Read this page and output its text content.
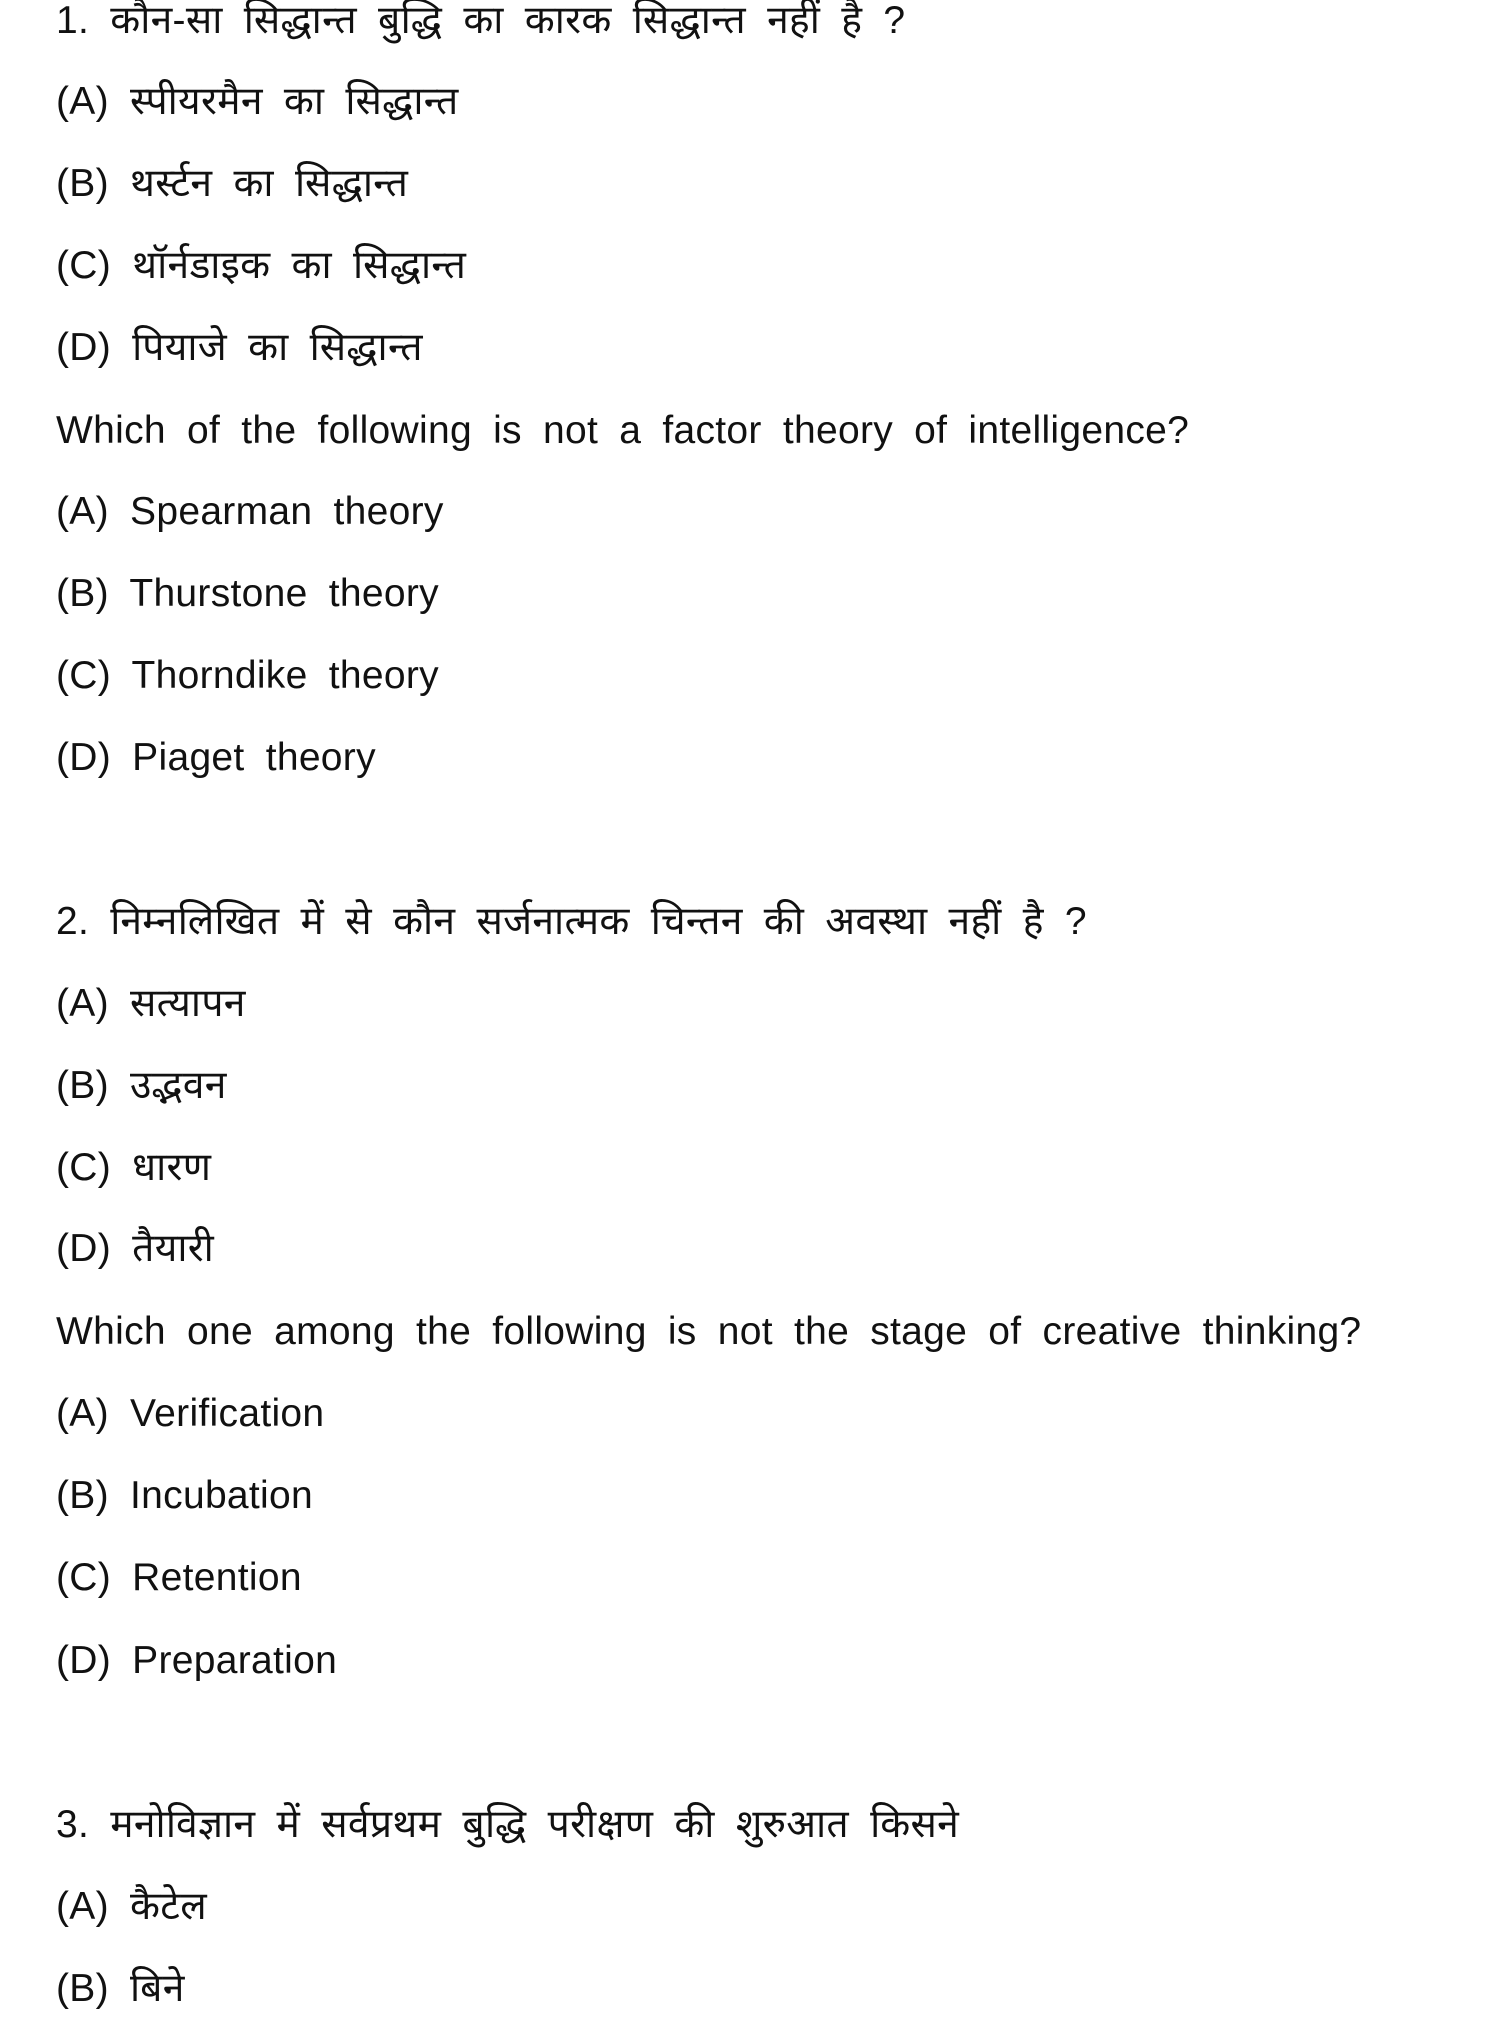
1. कौन-सा सिद्धान्त बुद्धि का कारक सिद्धान्त नहीं है ?
(A) स्पीयरमैन का सिद्धान्त
(B) थर्स्टन का सिद्धान्त
(C) थॉर्नडाइक का सिद्धान्त
(D) पियाजे का सिद्धान्त
Which of the following is not a factor theory of intelligence?
(A) Spearman theory
(B) Thurstone theory
(C) Thorndike theory
(D) Piaget theory
2. निम्नलिखित में से कौन सर्जनात्मक चिन्तन की अवस्था नहीं है ?
(A) सत्यापन
(B) उद्भवन
(C) धारण
(D) तैयारी
Which one among the following is not the stage of creative thinking?
(A) Verification
(B) Incubation
(C) Retention
(D) Preparation
3. मनोविज्ञान में सर्वप्रथम बुद्धि परीक्षण की शुरुआत किसने
(A) कैटेल
(B) बिने
